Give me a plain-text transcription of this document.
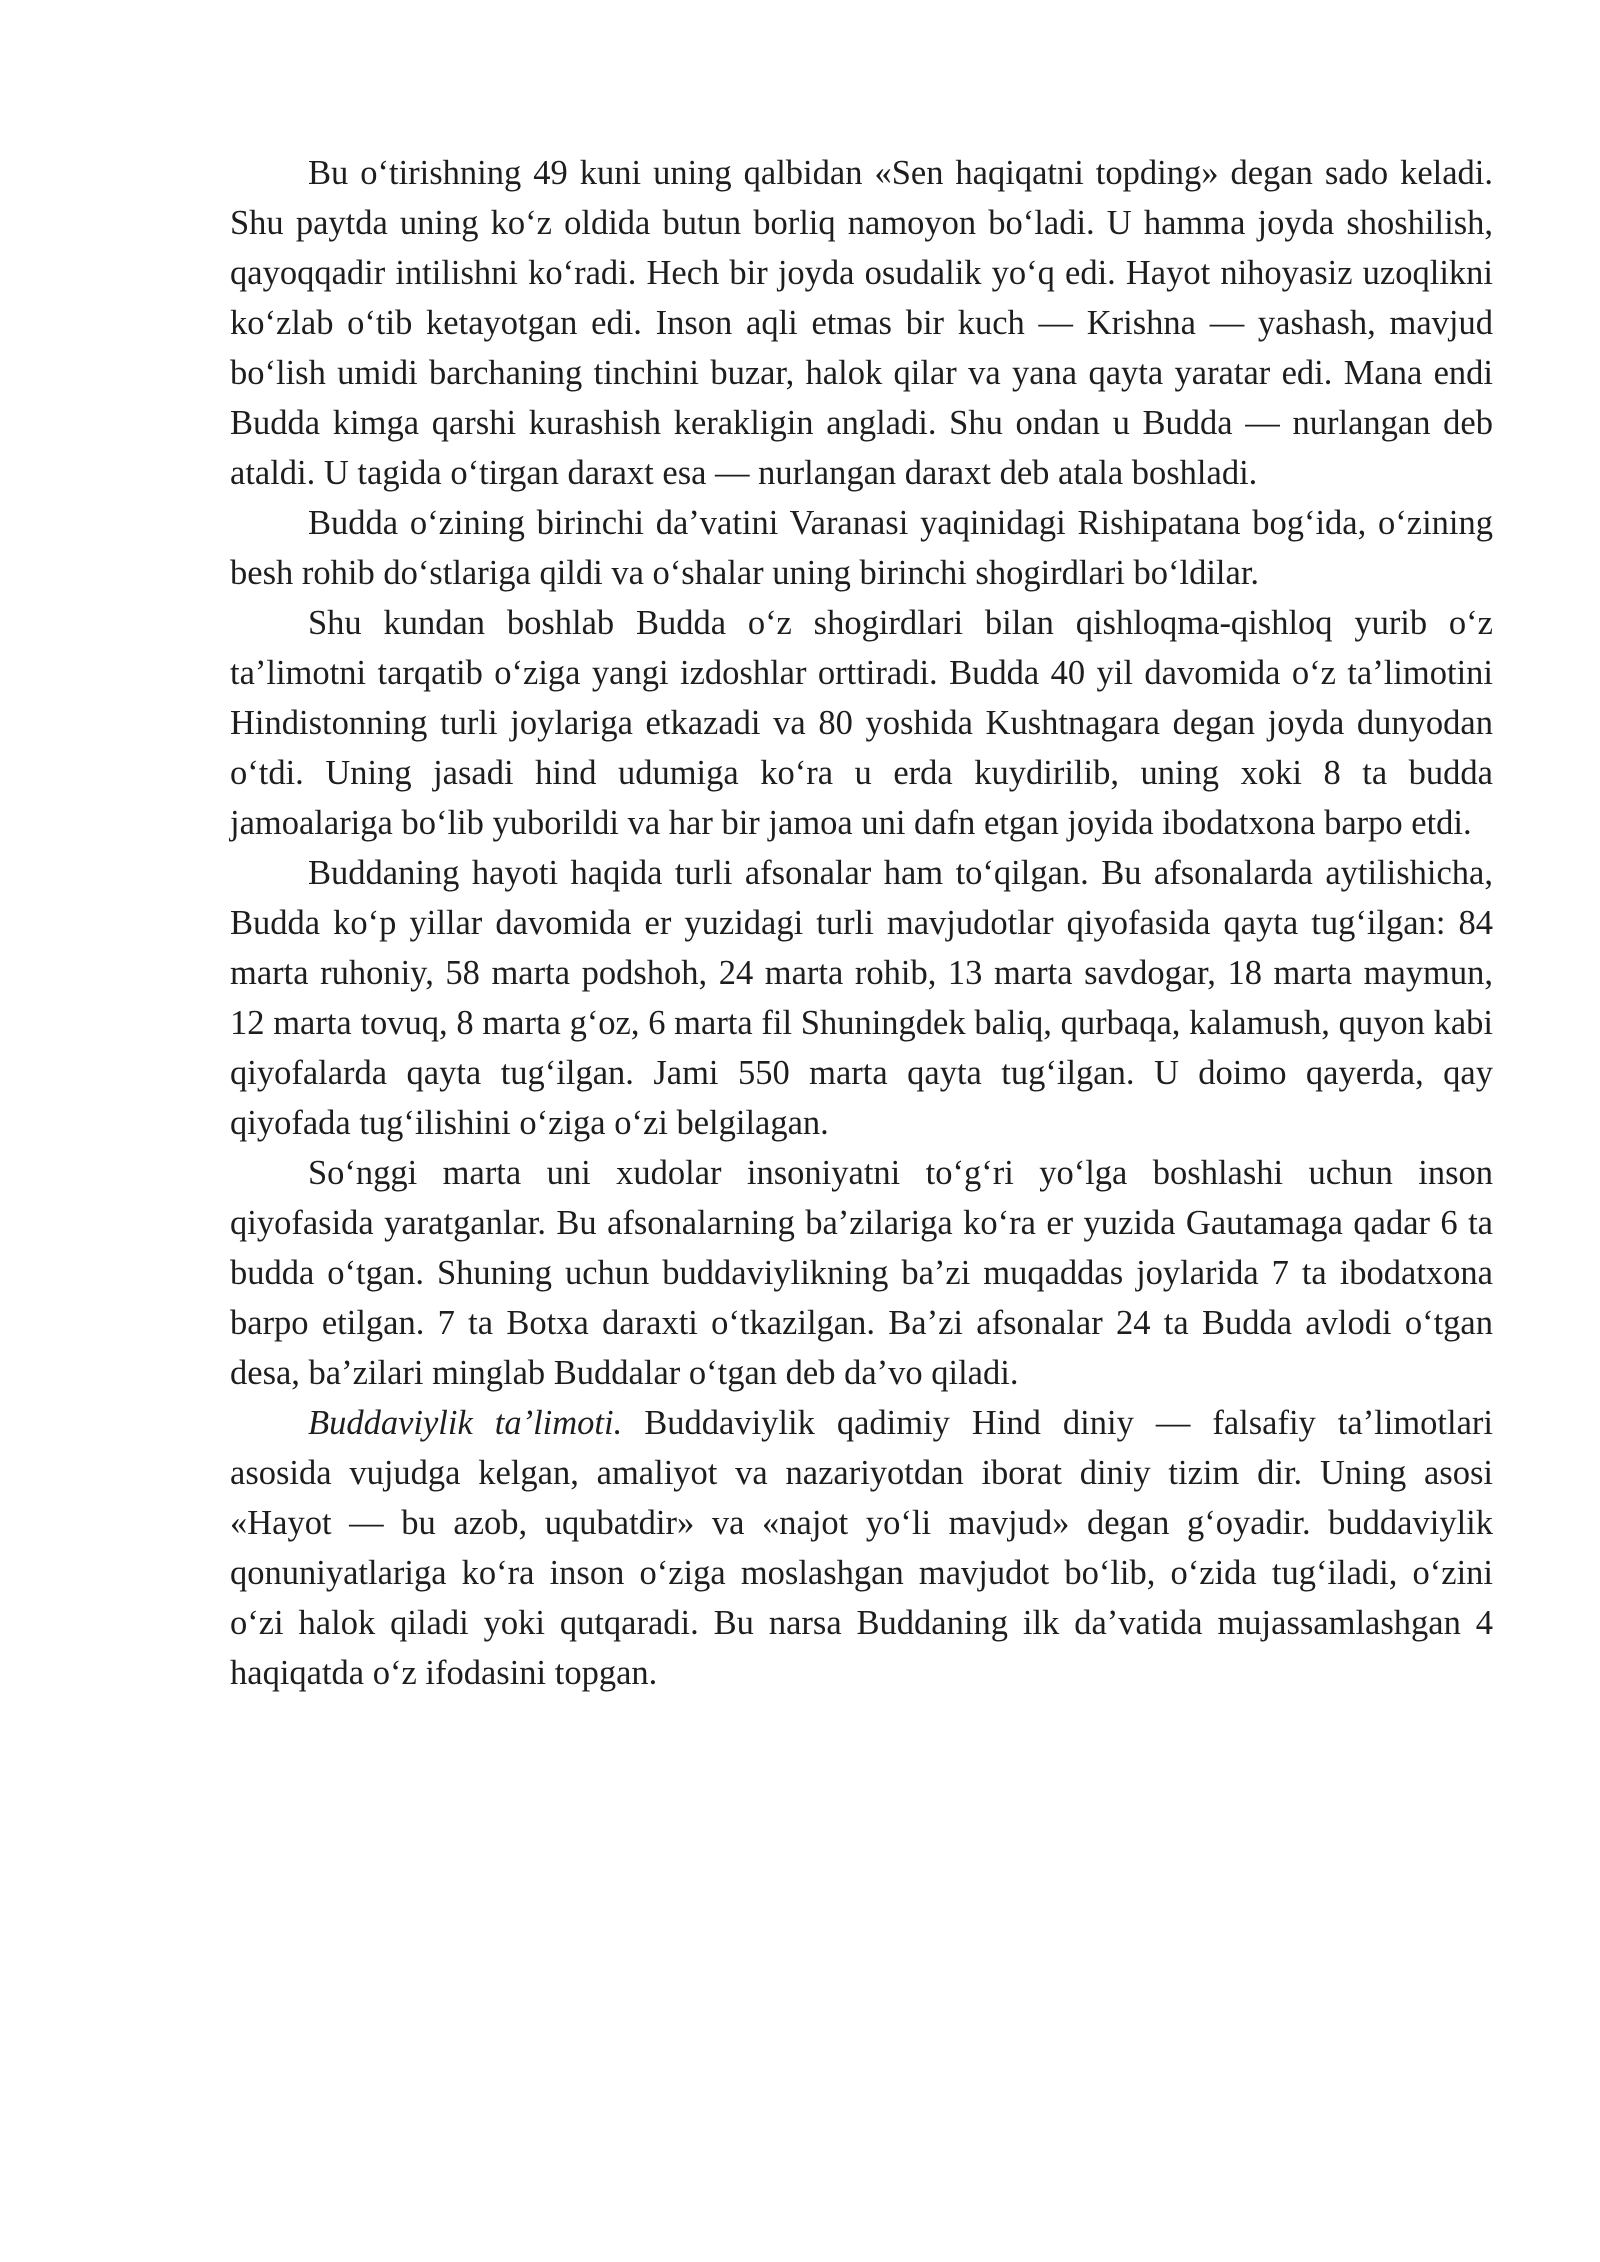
Bu oʻtirishning 49 kuni uning qalbidan «Sen haqiqatni topding» degan sado keladi. Shu paytda uning koʻz oldida butun borliq namoyon boʻladi. U hamma joyda shoshilish, qayoqqadir intilishni koʻradi. Hech bir joyda osudalik yoʻq edi. Hayot nihoyasiz uzoqlikni koʻzlab oʻtib ketayotgan edi. Inson aqli etmas bir kuch — Krishna — yashash, mavjud boʻlish umidi barchaning tinchini buzar, halok qilar va yana qayta yaratar edi. Mana endi Budda kimga qarshi kurashish kerakligin angladi. Shu ondan u Budda — nurlangan deb ataldi. U tagida oʻtirgan daraxt esa — nurlangan daraxt deb atala boshladi.

Budda oʻzining birinchi daʼvatini Varanasi yaqinidagi Rishipatana bogʻida, oʻzining besh rohib doʻstlariga qildi va oʻshalar uning birinchi shogirdlari boʻldilar.

Shu kundan boshlab Budda oʻz shogirdlari bilan qishloqma-qishloq yurib oʻz taʼlimotni tarqatib oʻziga yangi izdoshlar orttiradi. Budda 40 yil davomida oʻz taʼlimotini Hindistonning turli joylariga etkazadi va 80 yoshida Kushtnagara degan joyda dunyodan oʻtdi. Uning jasadi hind udumiga koʻra u erda kuydirilib, uning xoki 8 ta budda jamoalariga boʻlib yuborildi va har bir jamoa uni dafn etgan joyida ibodatxona barpo etdi.

Buddaning hayoti haqida turli afsonalar ham toʻqilgan. Bu afsonalarda aytilishicha, Budda koʻp yillar davomida er yuzidagi turli mavjudotlar qiyofasida qayta tugʻilgan: 84 marta ruhoniy, 58 marta podshoh, 24 marta rohib, 13 marta savdogar, 18 marta maymun, 12 marta tovuq, 8 marta gʻoz, 6 marta fil Shuningdek baliq, qurbaqa, kalamush, quyon kabi qiyofalarda qayta tugʻilgan. Jami 550 marta qayta tugʻilgan. U doimo qayerda, qay qiyofada tugʻilishini oʻziga oʻzi belgilagan.

Soʻnggi marta uni xudolar insoniyatni toʻgʻri yoʻlga boshlashi uchun inson qiyofasida yaratganlar. Bu afsonalarning baʼzilariga koʻra er yuzida Gautamaga qadar 6 ta budda oʻtgan. Shuning uchun buddaviylikning baʼzi muqaddas joylarida 7 ta ibodatxona barpo etilgan. 7 ta Botxa daraxti oʻtkazilgan. Baʼzi afsonalar 24 ta Budda avlodi oʻtgan desa, baʼzilari minglab Buddalar oʻtgan deb daʼvo qiladi.

Buddaviylik taʼlimoti. Buddaviylik qadimiy Hind diniy — falsafiy taʼlimotlari asosida vujudga kelgan, amaliyot va nazariyotdan iborat diniy tizim dir. Uning asosi «Hayot — bu azob, uqubatdir» va «najot yoʻli mavjud» degan gʻoyadir. buddaviylik qonuniyatlariga koʻra inson oʻziga moslashgan mavjudot boʻlib, oʻzida tugʻiladi, oʻzini oʻzi halok qiladi yoki qutqaradi. Bu narsa Buddaning ilk daʼvatida mujassamlashgan 4 haqiqatda oʻz ifodasini topgan.
